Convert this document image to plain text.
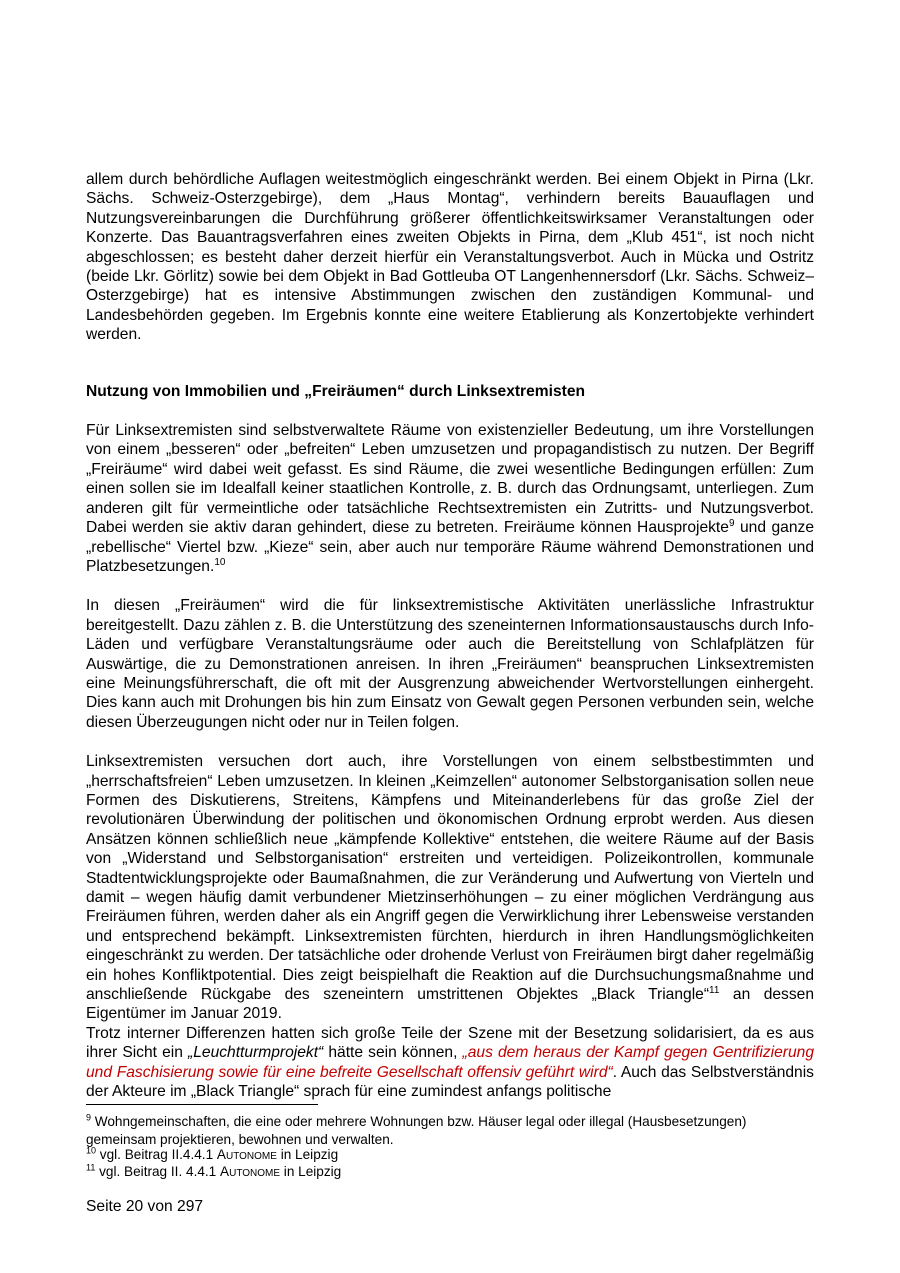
allem durch behördliche Auflagen weitestmöglich eingeschränkt werden. Bei einem Objekt in Pirna (Lkr. Sächs. Schweiz-Osterzgebirge), dem „Haus Montag“, verhindern bereits Bauauflagen und Nutzungsvereinbarungen die Durchführung größerer öffentlichkeitswirksamer Veranstaltungen oder Konzerte. Das Bauantragsverfahren eines zweiten Objekts in Pirna, dem „Klub 451“, ist noch nicht abgeschlossen; es besteht daher derzeit hierfür ein Veranstaltungsverbot. Auch in Mücka und Ostritz (beide Lkr. Görlitz) sowie bei dem Objekt in Bad Gottleuba OT Langenhennersdorf (Lkr. Sächs. Schweiz–Osterzgebirge) hat es intensive Abstimmungen zwischen den zuständigen Kommunal- und Landesbehörden gegeben. Im Ergebnis konnte eine weitere Etablierung als Konzertobjekte verhindert werden.

Nutzung von Immobilien und „Freiräumen“ durch Linksextremisten

Für Linksextremisten sind selbstverwaltete Räume von existenzieller Bedeutung, um ihre Vorstellungen von einem „besseren“ oder „befreiten“ Leben umzusetzen und propagandistisch zu nutzen. Der Begriff „Freiräume“ wird dabei weit gefasst. Es sind Räume, die zwei wesentliche Bedingungen erfüllen: Zum einen sollen sie im Idealfall keiner staatlichen Kontrolle, z. B. durch das Ordnungsamt, unterliegen. Zum anderen gilt für vermeintliche oder tatsächliche Rechtsextremisten ein Zutritts- und Nutzungsverbot. Dabei werden sie aktiv daran gehindert, diese zu betreten. Freiräume können Hausprojekte$^9$ und ganze „rebellische“ Viertel bzw. „Kieze“ sein, aber auch nur temporäre Räume während Demonstrationen und Platzbesetzungen.$^{10}$

In diesen „Freiräumen“ wird die für linksextremistische Aktivitäten unerlässliche Infrastruktur bereitgestellt. Dazu zählen z. B. die Unterstützung des szeneinternen Informationsaustauschs durch Info-Läden und verfügbare Veranstaltungsräume oder auch die Bereitstellung von Schlafplätzen für Auswärtige, die zu Demonstrationen anreisen. In ihren „Freiräumen“ beanspruchen Linksextremisten eine Meinungsführerschaft, die oft mit der Ausgrenzung abweichender Wertvorstellungen einhergeht. Dies kann auch mit Drohungen bis hin zum Einsatz von Gewalt gegen Personen verbunden sein, welche diesen Überzeugungen nicht oder nur in Teilen folgen.

Linksextremisten versuchen dort auch, ihre Vorstellungen von einem selbstbestimmten und „herrschaftsfreien“ Leben umzusetzen. In kleinen „Keimzellen“ autonomer Selbstorganisation sollen neue Formen des Diskutierens, Streitens, Kämpfens und Miteinanderlebens für das große Ziel der revolutionären Überwindung der politischen und ökonomischen Ordnung erprobt werden. Aus diesen Ansätzen können schließlich neue „kämpfende Kollektive“ entstehen, die weitere Räume auf der Basis von „Widerstand und Selbstorganisation“ erstreiten und verteidigen. Polizeikontrollen, kommunale Stadtentwicklungsprojekte oder Baumaßnahmen, die zur Veränderung und Aufwertung von Vierteln und damit – wegen häufig damit verbundener Mietzinserhöhungen – zu einer möglichen Verdrängung aus Freiräumen führen, werden daher als ein Angriff gegen die Verwirklichung ihrer Lebensweise verstanden und entsprechend bekämpft. Linksextremisten fürchten, hierdurch in ihren Handlungsmöglichkeiten eingeschränkt zu werden. Der tatsächliche oder drohende Verlust von Freiräumen birgt daher regelmäßig ein hohes Konfliktpotential. Dies zeigt beispielhaft die Reaktion auf die Durchsuchungsmaßnahme und anschließende Rückgabe des szeneintern umstrittenen Objektes „Black Triangle“$^{11}$ an dessen Eigentümer im Januar 2019.

Trotz interner Differenzen hatten sich große Teile der Szene mit der Besetzung solidarisiert, da es aus ihrer Sicht ein „Leuchtturmprojekt“ hätte sein können, „aus dem heraus der Kampf gegen Gentrifizierung und Faschisierung sowie für eine befreite Gesellschaft offensiv geführt wird“. Auch das Selbstverständnis der Akteure im „Black Triangle“ sprach für eine zumindest anfangs politische

$^9$ Wohngemeinschaften, die eine oder mehrere Wohnungen bzw. Häuser legal oder illegal (Hausbesetzungen) gemeinsam projektieren, bewohnen und verwalten.

$^{10}$ vgl. Beitrag II.4.4.1 Autonome in Leipzig

$^{11}$ vgl. Beitrag II. 4.4.1 Autonome in Leipzig

Seite 20 von 297
